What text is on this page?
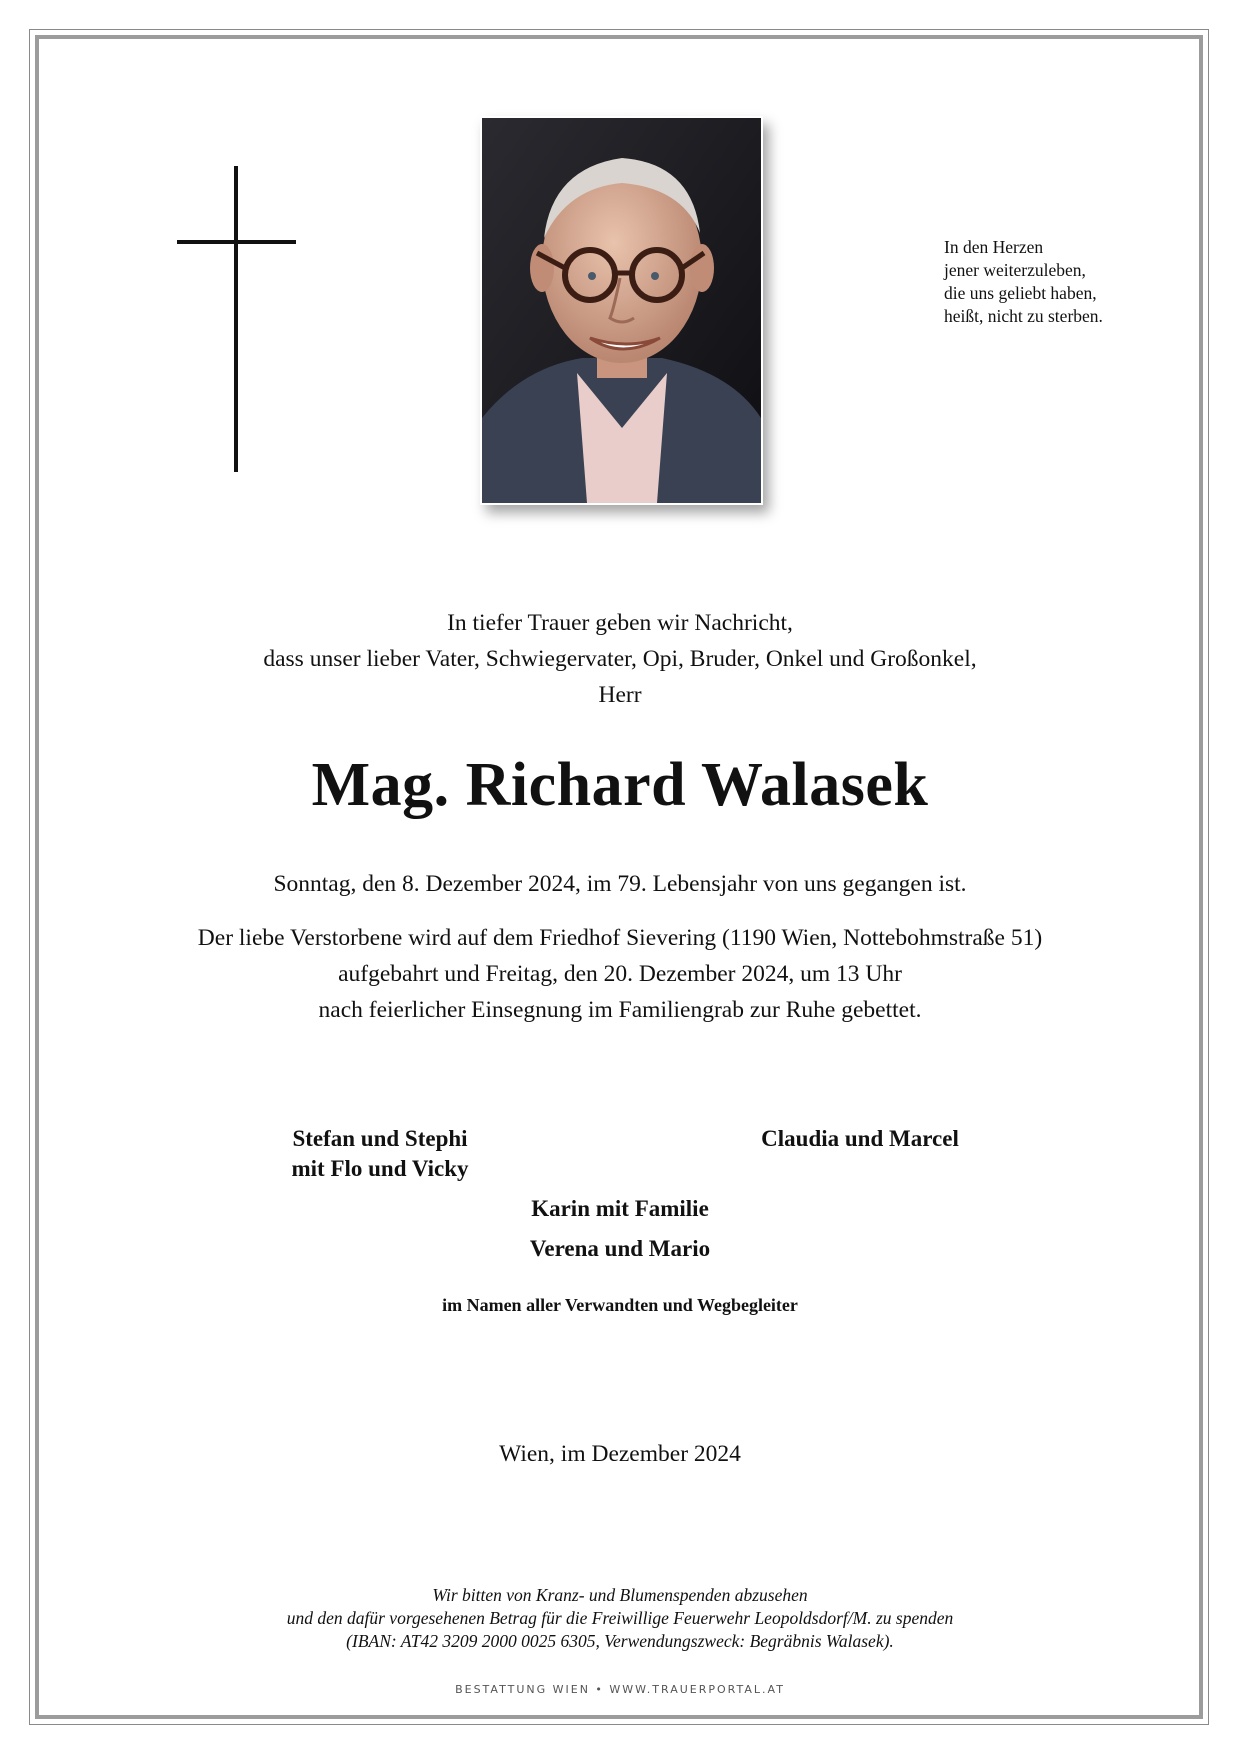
In den Herzen
jener weiterzuleben,
die uns geliebt haben,
heißt, nicht zu sterben.
In tiefer Trauer geben wir Nachricht,
dass unser lieber Vater, Schwiegervater, Opi, Bruder, Onkel und Großonkel,
Herr
Mag. Richard Walasek
Sonntag, den 8. Dezember 2024, im 79. Lebensjahr von uns gegangen ist.
Der liebe Verstorbene wird auf dem Friedhof Sievering (1190 Wien, Nottebohmstraße 51)
aufgebahrt und Freitag, den 20. Dezember 2024, um 13 Uhr
nach feierlicher Einsegnung im Familiengrab zur Ruhe gebettet.
Stefan und Stephi
mit Flo und Vicky
Claudia und Marcel
Karin mit Familie
Verena und Mario
im Namen aller Verwandten und Wegbegleiter
Wien, im Dezember 2024
Wir bitten von Kranz- und Blumenspenden abzusehen
und den dafür vorgesehenen Betrag für die Freiwillige Feuerwehr Leopoldsdorf/M. zu spenden
(IBAN: AT42 3209 2000 0025 6305, Verwendungszweck: Begräbnis Walasek).
BESTATTUNG WIEN • WWW.TRAUERPORTAL.AT
